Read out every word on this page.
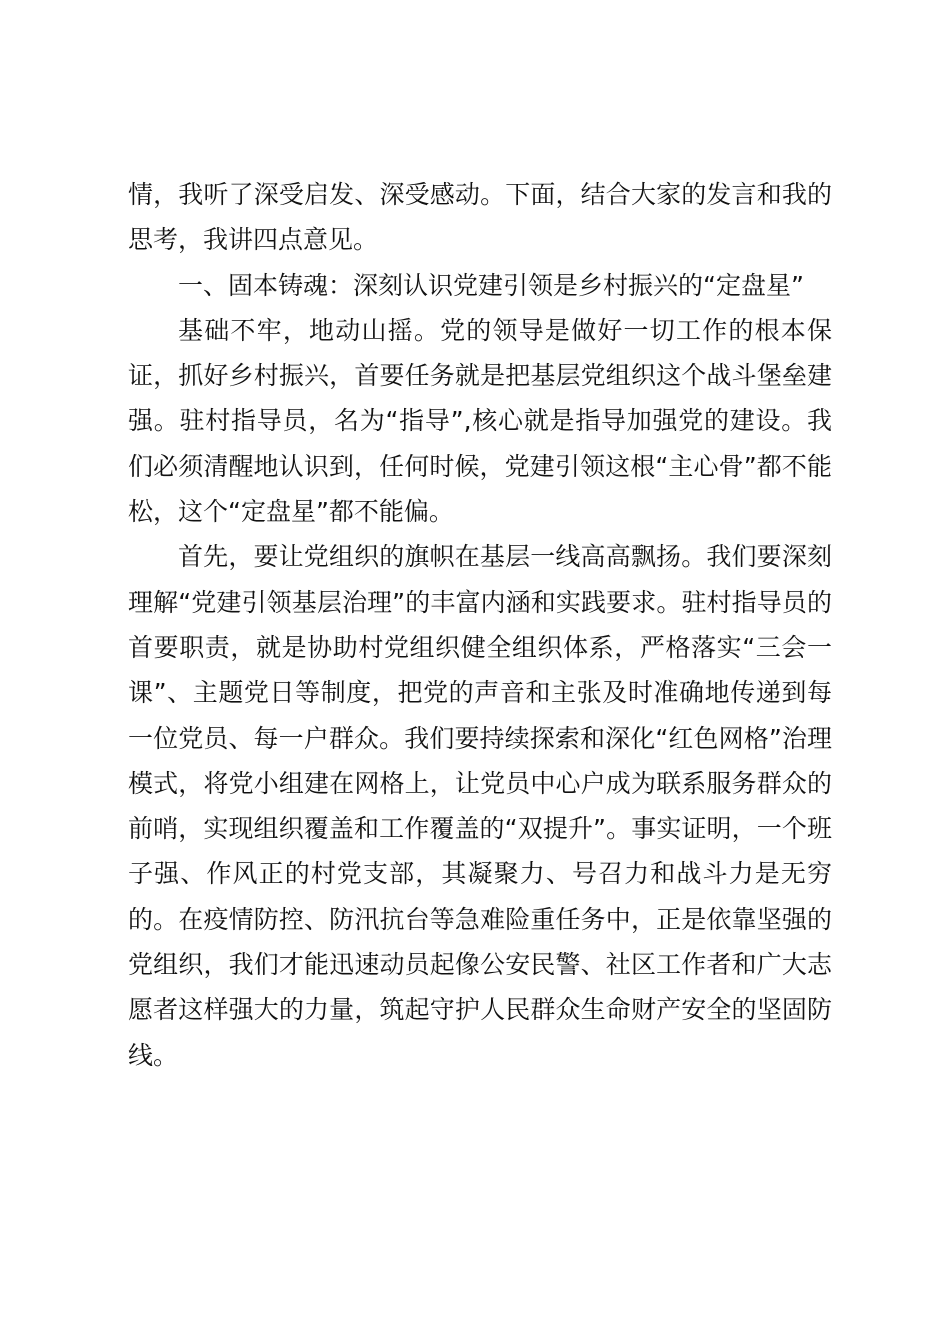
情，我听了深受启发、深受感动。下面，结合大家的发言和我的思考，我讲四点意见。

一、固本铸魂：深刻认识党建引领是乡村振兴的“定盘星”

基础不牢，地动山摇。党的领导是做好一切工作的根本保证，抓好乡村振兴，首要任务就是把基层党组织这个战斗堡垒建强。驻村指导员，名为“指导”,核心就是指导加强党的建设。我们必须清醒地认识到，任何时候，党建引领这根“主心骨”都不能松，这个“定盘星”都不能偏。

首先，要让党组织的旗帜在基层一线高高飘扬。我们要深刻理解“党建引领基层治理”的丰富内涵和实践要求。驻村指导员的首要职责，就是协助村党组织健全组织体系，严格落实“三会一课”、主题党日等制度，把党的声音和主张及时准确地传递到每一位党员、每一户群众。我们要持续探索和深化“红色网格”治理模式，将党小组建在网格上，让党员中心户成为联系服务群众的前哨，实现组织覆盖和工作覆盖的“双提升”。事实证明，一个班子强、作风正的村党支部，其凝聚力、号召力和战斗力是无穷的。在疫情防控、防汛抗台等急难险重任务中，正是依靠坚强的党组织，我们才能迅速动员起像公安民警、社区工作者和广大志愿者这样强大的力量，筑起守护人民群众生命财产安全的坚固防线。
